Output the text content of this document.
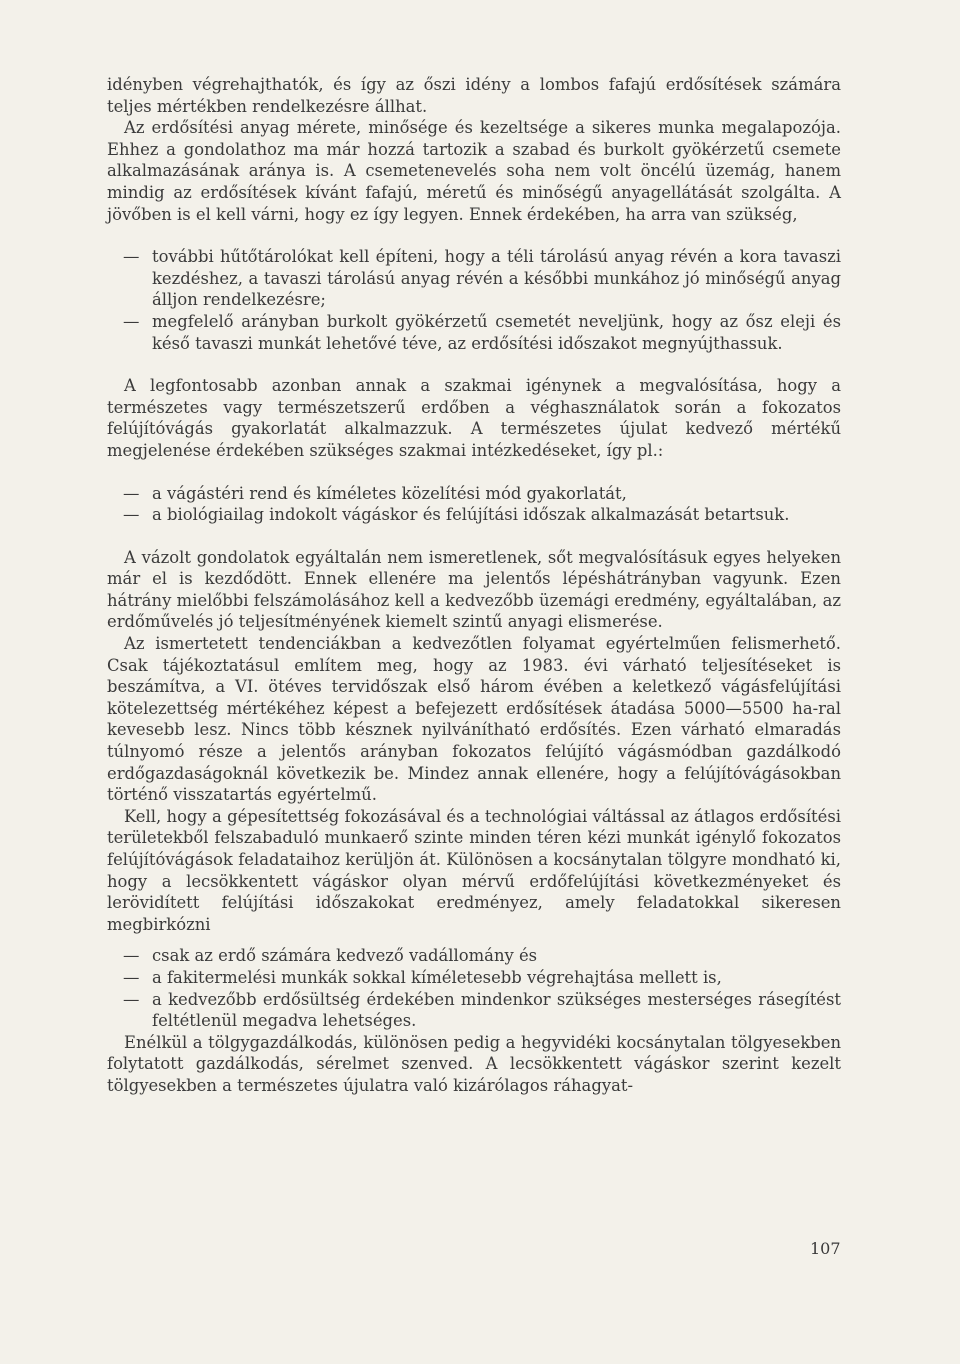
idényben végrehajthatók, és így az őszi idény a lombos fafajú erdősítések számára teljes mértékben rendelkezésre állhat.

Az erdősítési anyag mérete, minősége és kezeltsége a sikeres munka megalapozója. Ehhez a gondolathoz ma már hozzá tartozik a szabad és burkolt gyökérzetű csemete alkalmazásának aránya is. A csemetenevelés soha nem volt öncélú üzemág, hanem mindig az erdősítések kívánt fafajú, méretű és minőségű anyagellátását szolgálta. A jövőben is el kell várni, hogy ez így legyen. Ennek érdekében, ha arra van szükség,

— további hűtőtárolókat kell építeni, hogy a téli tárolású anyag révén a kora tavaszi kezdéshez, a tavaszi tárolású anyag révén a későbbi munkához jó minőségű anyag álljon rendelkezésre;
— megfelelő arányban burkolt gyökérzetű csemetét neveljünk, hogy az ősz eleji és késő tavaszi munkát lehetővé téve, az erdősítési időszakot megnyújthassuk.

A legfontosabb azonban annak a szakmai igénynek a megvalósítása, hogy a természetes vagy természetszerű erdőben a véghasználatok során a fokozatos felújítóvágás gyakorlatát alkalmazzuk. A természetes újulat kedvező mértékű megjelenése érdekében szükséges szakmai intézkedéseket, így pl.:

— a vágástéri rend és kíméletes közelítési mód gyakorlatát,
— a biológiailag indokolt vágáskor és felújítási időszak alkalmazását betartsuk.

A vázolt gondolatok egyáltalán nem ismeretlenek, sőt megvalósításuk egyes helyeken már el is kezdődött. Ennek ellenére ma jelentős lépéshátrányban vagyunk. Ezen hátrány mielőbbi felszámolásához kell a kedvezőbb üzemági eredmény, egyáltalában, az erdőművelés jó teljesítményének kiemelt szintű anyagi elismerése.

Az ismertetett tendenciákban a kedvezőtlen folyamat egyértelműen felismerhető. Csak tájékoztatásul említem meg, hogy az 1983. évi várható teljesítéseket is beszámítva, a VI. ötéves tervidőszak első három évében a keletkező vágásfelújítási kötelezettség mértékéhez képest a befejezett erdősítések átadása 5000—5500 ha-ral kevesebb lesz. Nincs több késznek nyilvánítható erdősítés. Ezen várható elmaradás túlnyomó része a jelentős arányban fokozatos felújító vágásmódban gazdálkodó erdőgazdaságoknál következik be. Mindez annak ellenére, hogy a felújítóvágásokban történő visszatartás egyértelmű.

Kell, hogy a gépesítettség fokozásával és a technológiai váltással az átlagos erdősítési területekből felszabaduló munkaerő szinte minden téren kézi munkát igénylő fokozatos felújítóvágások feladataihoz kerüljön át. Különösen a kocsánytalan tölgyre mondható ki, hogy a lecsökkentett vágáskor olyan mérvű erdőfelújítási következményeket és lerövidített felújítási időszakokat eredményez, amely feladatokkal sikeresen megbirkózni

— csak az erdő számára kedvező vadállomány és
— a fakitermelési munkák sokkal kíméletesebb végrehajtása mellett is,
— a kedvezőbb erdősültség érdekében mindenkor szükséges mesterséges rásegítést feltétlenül megadva lehetséges.

Enélkül a tölgygazdálkodás, különösen pedig a hegyvidéki kocsánytalan tölgyesekben folytatott gazdálkodás, sérelmet szenved. A lecsökkentett vágáskor szerint kezelt tölgyesekben a természetes újulatra való kizárólagos ráhagyat-

107
